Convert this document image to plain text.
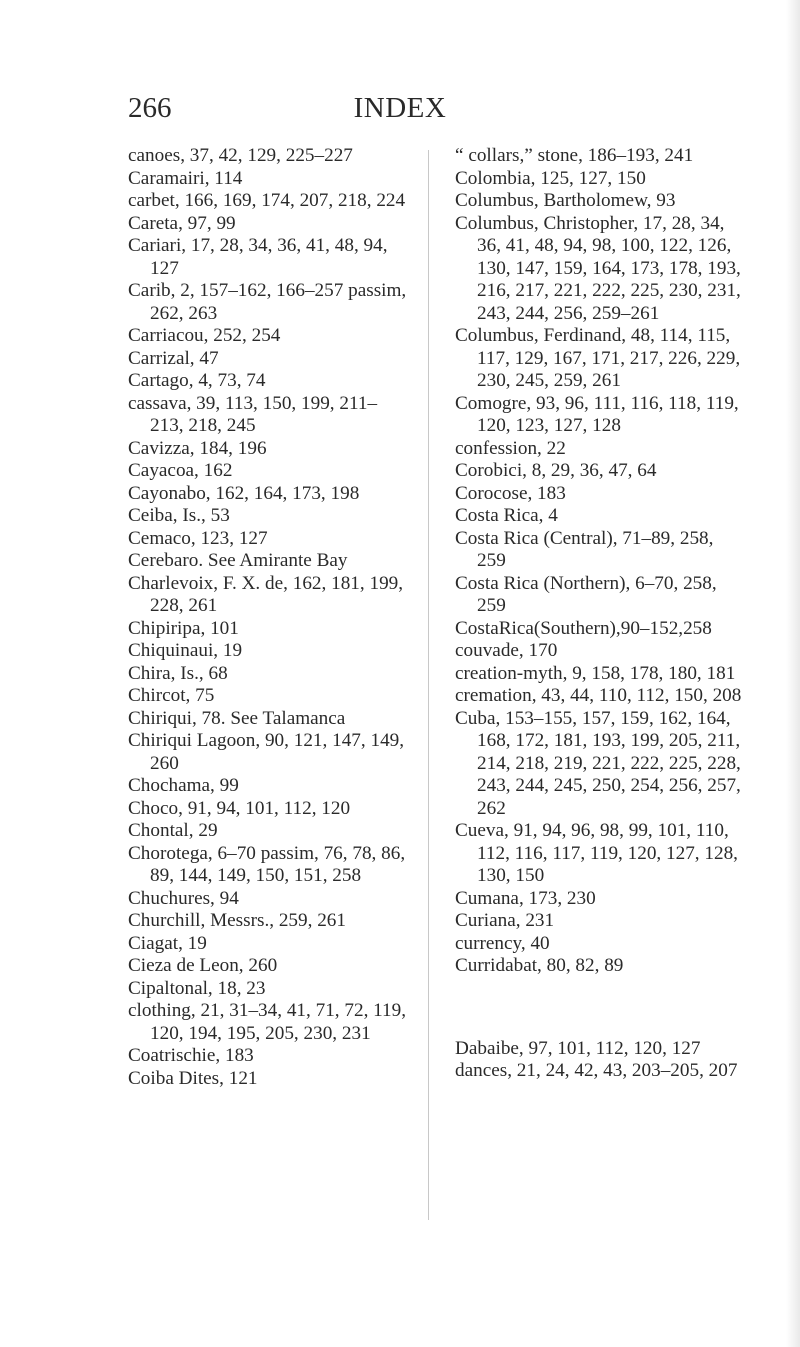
INDEX
266

canoes, 37, 42, 129, 225–227

Caramairi, 114

carbet, 166, 169, 174, 207, 218, 224

Careta, 97, 99

Cariari, 17, 28, 34, 36, 41, 48, 94, 127

Carib, 2, 157–162, 166–257 passim, 262, 263

Carriacou, 252, 254

Carrizal, 47

Cartago, 4, 73, 74

cassava, 39, 113, 150, 199, 211–213, 218, 245

Cavizza, 184, 196

Cayacoa, 162

Cayonabo, 162, 164, 173, 198

Ceiba, Is., 53

Cemaco, 123, 127

Cerebaro. See Amirante Bay

Charlevoix, F. X. de, 162, 181, 199, 228, 261

Chipiripa, 101

Chiquinaui, 19

Chira, Is., 68

Chircot, 75

Chiriqui, 78. See Talamanca

Chiriqui Lagoon, 90, 121, 147, 149, 260

Chochama, 99

Choco, 91, 94, 101, 112, 120

Chontal, 29

Chorotega, 6–70 passim, 76, 78, 86, 89, 144, 149, 150, 151, 258

Chuchures, 94

Churchill, Messrs., 259, 261

Ciagat, 19

Cieza de Leon, 260

Cipaltonal, 18, 23

clothing, 21, 31–34, 41, 71, 72, 119, 120, 194, 195, 205, 230, 231

Coatrischie, 183

Coiba Dites, 121

“ collars,” stone, 186–193, 241

Colombia, 125, 127, 150

Columbus, Bartholomew, 93

Columbus, Christopher, 17, 28, 34, 36, 41, 48, 94, 98, 100, 122, 126, 130, 147, 159, 164, 173, 178, 193, 216, 217, 221, 222, 225, 230, 231, 243, 244, 256, 259–261

Columbus, Ferdinand, 48, 114, 115, 117, 129, 167, 171, 217, 226, 229, 230, 245, 259, 261

Comogre, 93, 96, 111, 116, 118, 119, 120, 123, 127, 128

confession, 22

Corobici, 8, 29, 36, 47, 64

Corocose, 183

Costa Rica, 4

Costa Rica (Central), 71–89, 258, 259

Costa Rica (Northern), 6–70, 258, 259

CostaRica(Southern),90–152,258

couvade, 170

creation-myth, 9, 158, 178, 180, 181

cremation, 43, 44, 110, 112, 150, 208

Cuba, 153–155, 157, 159, 162, 164, 168, 172, 181, 193, 199, 205, 211, 214, 218, 219, 221, 222, 225, 228, 243, 244, 245, 250, 254, 256, 257, 262

Cueva, 91, 94, 96, 98, 99, 101, 110, 112, 116, 117, 119, 120, 127, 128, 130, 150

Cumana, 173, 230

Curiana, 231

currency, 40

Curridabat, 80, 82, 89

Dabaibe, 97, 101, 112, 120, 127

dances, 21, 24, 42, 43, 203–205, 207
